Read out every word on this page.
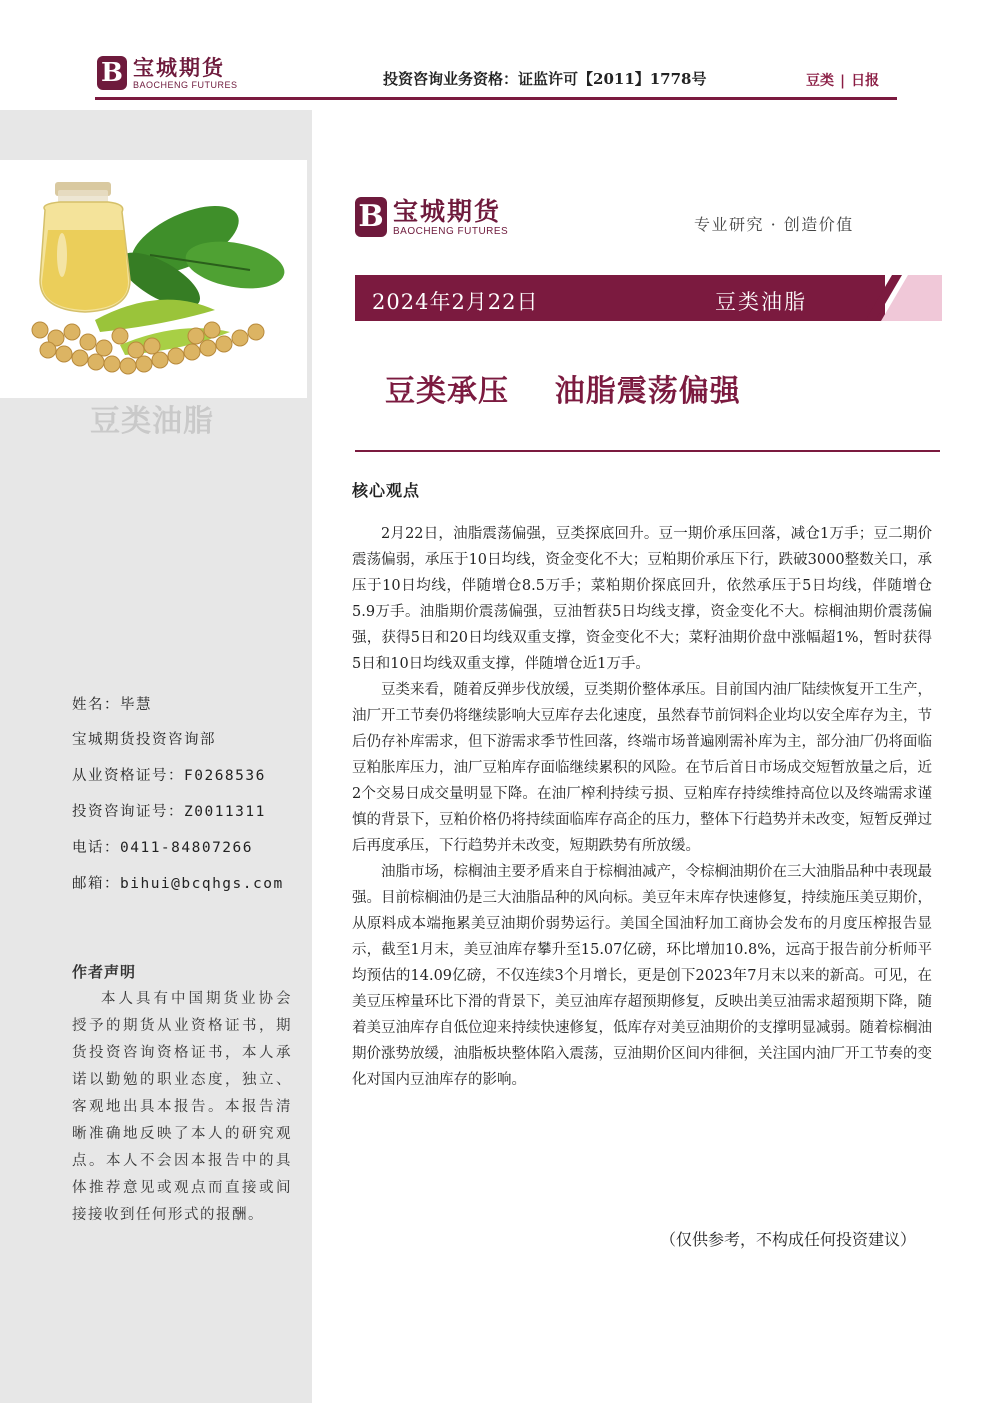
B 宝城期货
BAOCHENG FUTURES	投资咨询业务资格：证监许可【2011】1778号	豆类 | 日报
豆类油脂
姓名：毕慧
宝城期货投资咨询部
从业资格证号：F0268536
投资咨询证号：Z0011311
电话：0411-84807266
邮箱：bihui@bcqhgs.com
作者声明
本人具有中国期货业协会授予的期货从业资格证书，期货投资咨询资格证书，本人承诺以勤勉的职业态度，独立、客观地出具本报告。本报告清晰准确地反映了本人的研究观点。本人不会因本报告中的具体推荐意见或观点而直接或间接接收到任何形式的报酬。
B 宝城期货
BAOCHENG FUTURES	专业研究 · 创造价值
2024年2月22日	豆类油脂
豆类承压    油脂震荡偏强
核心观点

2月22日，油脂震荡偏强，豆类探底回升。豆一期价承压回落，减仓1万手；豆二期价震荡偏弱，承压于10日均线，资金变化不大；豆粕期价承压下行，跌破3000整数关口，承压于10日均线，伴随增仓8.5万手；菜粕期价探底回升，依然承压于5日均线，伴随增仓5.9万手。油脂期价震荡偏强，豆油暂获5日均线支撑，资金变化不大。棕榈油期价震荡偏强，获得5日和20日均线双重支撑，资金变化不大；菜籽油期价盘中涨幅超1%，暂时获得5日和10日均线双重支撑，伴随增仓近1万手。

豆类来看，随着反弹步伐放缓，豆类期价整体承压。目前国内油厂陆续恢复开工生产，油厂开工节奏仍将继续影响大豆库存去化速度，虽然春节前饲料企业均以安全库存为主，节后仍存补库需求，但下游需求季节性回落，终端市场普遍刚需补库为主，部分油厂仍将面临豆粕胀库压力，油厂豆粕库存面临继续累积的风险。在节后首日市场成交短暂放量之后，近2个交易日成交量明显下降。在油厂榨利持续亏损、豆粕库存持续维持高位以及终端需求谨慎的背景下，豆粕价格仍将持续面临库存高企的压力，整体下行趋势并未改变，短暂反弹过后再度承压，下行趋势并未改变，短期跌势有所放缓。

油脂市场，棕榈油主要矛盾来自于棕榈油减产，令棕榈油期价在三大油脂品种中表现最强。目前棕榈油仍是三大油脂品种的风向标。美豆年末库存快速修复，持续施压美豆期价，从原料成本端拖累美豆油期价弱势运行。美国全国油籽加工商协会发布的月度压榨报告显示，截至1月末，美豆油库存攀升至15.07亿磅，环比增加10.8%，远高于报告前分析师平均预估的14.09亿磅，不仅连续3个月增长，更是创下2023年7月末以来的新高。可见，在美豆压榨量环比下滑的背景下，美豆油库存超预期修复，反映出美豆油需求超预期下降，随着美豆油库存自低位迎来持续快速修复，低库存对美豆油期价的支撑明显减弱。随着棕榈油期价涨势放缓，油脂板块整体陷入震荡，豆油期价区间内徘徊，关注国内油厂开工节奏的变化对国内豆油库存的影响。

（仅供参考，不构成任何投资建议）
